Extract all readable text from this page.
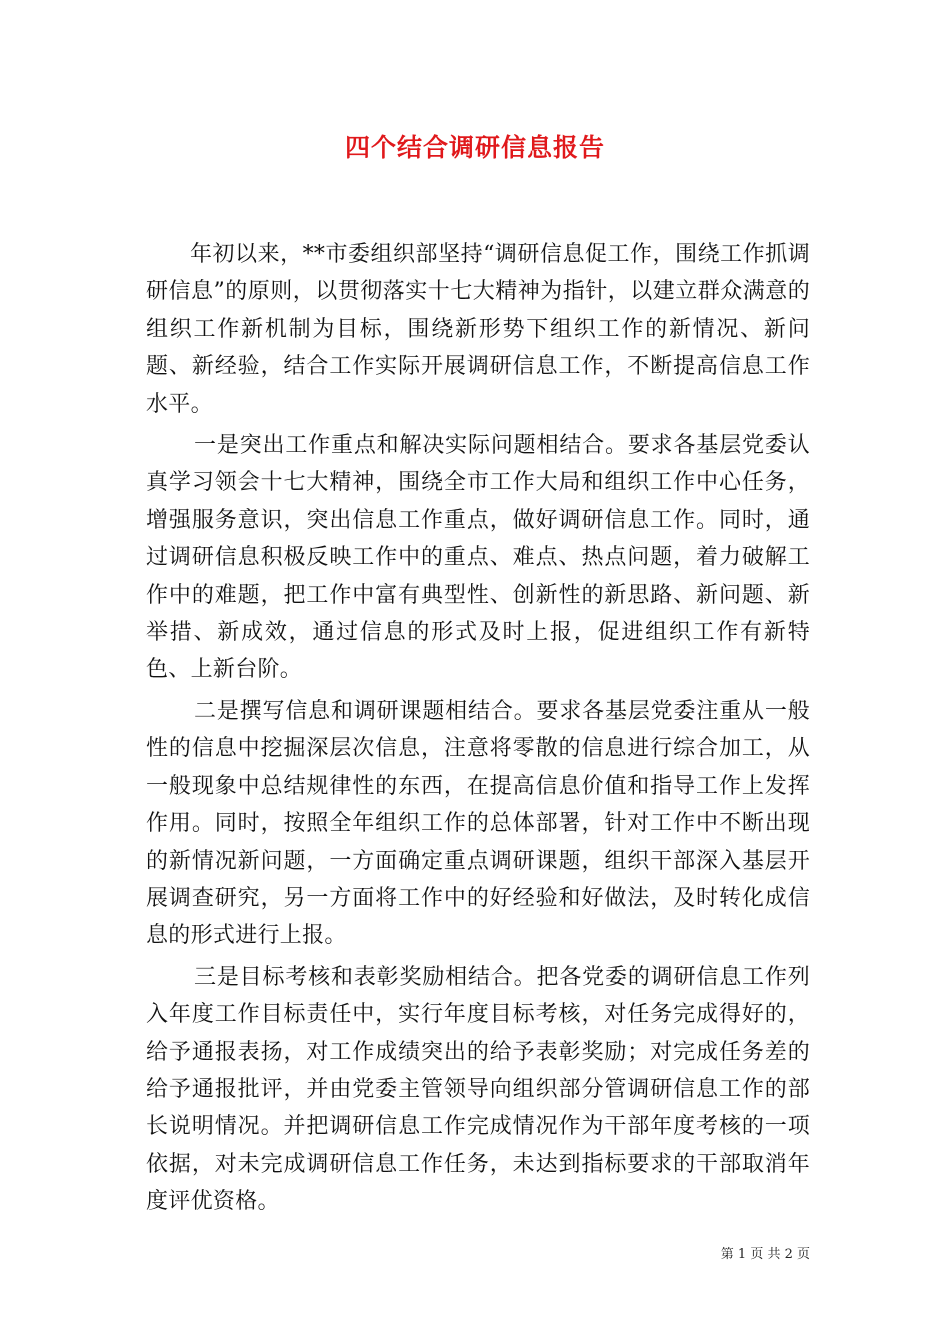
四个结合调研信息报告

年初以来，**市委组织部坚持“调研信息促工作，围绕工作抓调研信息”的原则，以贯彻落实十七大精神为指针，以建立群众满意的组织工作新机制为目标，围绕新形势下组织工作的新情况、新问题、新经验，结合工作实际开展调研信息工作，不断提高信息工作水平。

一是突出工作重点和解决实际问题相结合。要求各基层党委认真学习领会十七大精神，围绕全市工作大局和组织工作中心任务，增强服务意识，突出信息工作重点，做好调研信息工作。同时，通过调研信息积极反映工作中的重点、难点、热点问题，着力破解工作中的难题，把工作中富有典型性、创新性的新思路、新问题、新举措、新成效，通过信息的形式及时上报，促进组织工作有新特色、上新台阶。

二是撰写信息和调研课题相结合。要求各基层党委注重从一般性的信息中挖掘深层次信息，注意将零散的信息进行综合加工，从一般现象中总结规律性的东西，在提高信息价值和指导工作上发挥作用。同时，按照全年组织工作的总体部署，针对工作中不断出现的新情况新问题，一方面确定重点调研课题，组织干部深入基层开展调查研究，另一方面将工作中的好经验和好做法，及时转化成信息的形式进行上报。

三是目标考核和表彰奖励相结合。把各党委的调研信息工作列入年度工作目标责任中，实行年度目标考核，对任务完成得好的，给予通报表扬，对工作成绩突出的给予表彰奖励；对完成任务差的给予通报批评，并由党委主管领导向组织部分管调研信息工作的部长说明情况。并把调研信息工作完成情况作为干部年度考核的一项依据，对未完成调研信息工作任务，未达到指标要求的干部取消年度评优资格。

第 1 页 共 2 页
